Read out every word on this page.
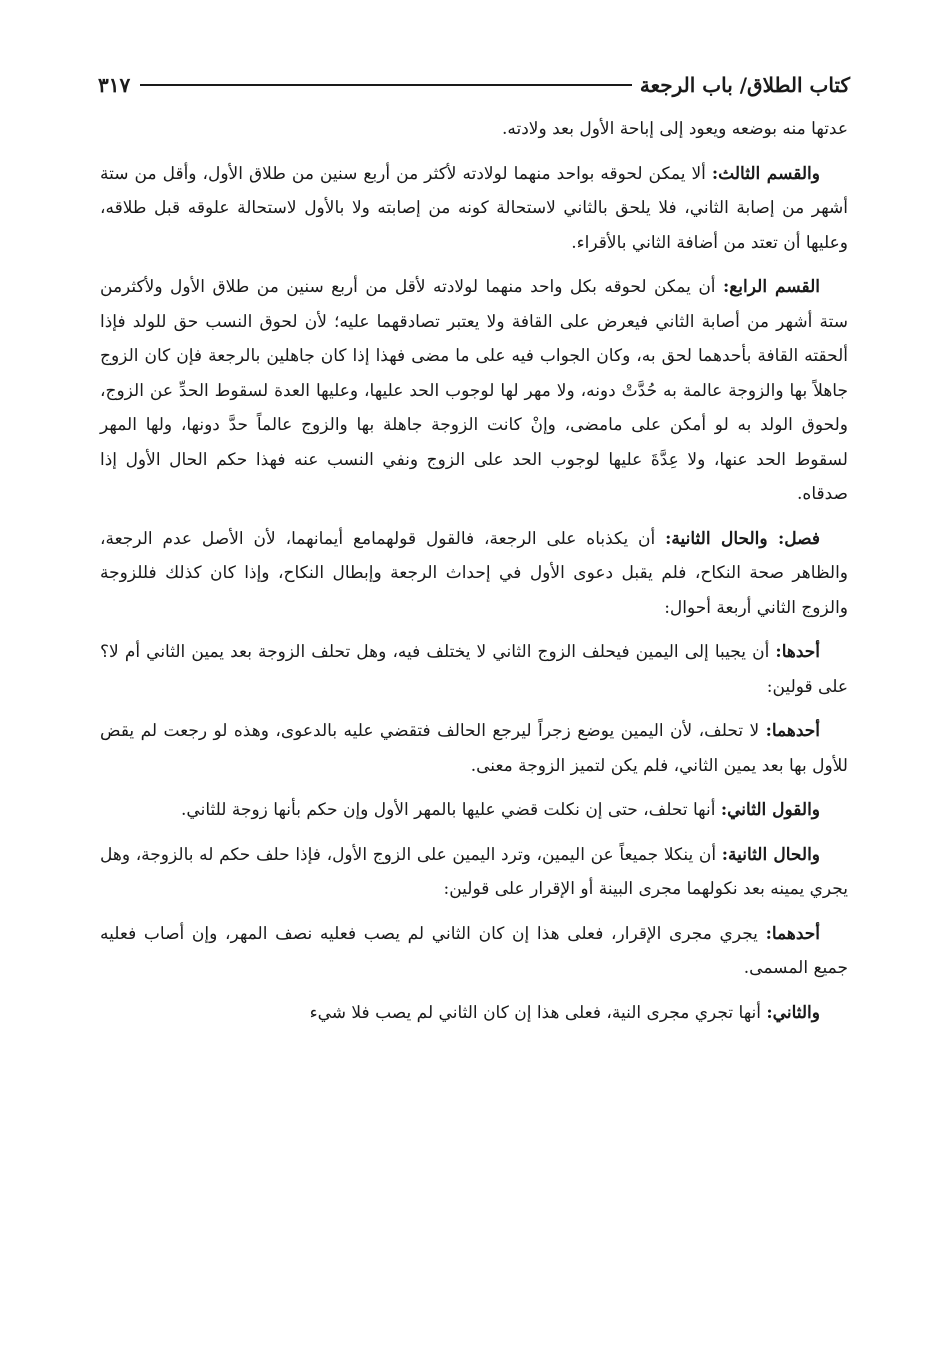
كتاب الطلاق/ باب الرجعة
٣١٧

عدتها منه بوضعه ويعود إلى إباحة الأول بعد ولادته.

والقسم الثالث: ألا يمكن لحوقه بواحد منهما لولادته لأكثر من أربع سنين من طلاق الأول، وأقل من ستة أشهر من إصابة الثاني، فلا يلحق بالثاني لاستحالة كونه من إصابته ولا بالأول لاستحالة علوقه قبل طلاقه، وعليها أن تعتد من أضافة الثاني بالأقراء.

القسم الرابع: أن يمكن لحوقه بكل واحد منهما لولادته لأقل من أربع سنين من طلاق الأول ولأكثرمن ستة أشهر من أصابة الثاني فيعرض على القافة ولا يعتبر تصادقهما عليه؛ لأن لحوق النسب حق للولد فإذا ألحقته القافة بأحدهما لحق به، وكان الجواب فيه على ما مضى فهذا إذا كان جاهلين بالرجعة فإن كان الزوج جاهلاً بها والزوجة عالمة به حُدَّتْ دونه، ولا مهر لها لوجوب الحد عليها، وعليها العدة لسقوط الحدِّ عن الزوج، ولحوق الولد به لو أمكن على مامضى، وإنْ كانت الزوجة جاهلة بها والزوج عالماً حدَّ دونها، ولها المهر لسقوط الحد عنها، ولا عِدَّةَ عليها لوجوب الحد على الزوج ونفي النسب عنه فهذا حكم الحال الأول إذا صدقاه.

فصل: والحال الثانية: أن يكذباه على الرجعة، فالقول قولهمامع أيمانهما، لأن الأصل عدم الرجعة، والظاهر صحة النكاح، فلم يقبل دعوى الأول في إحداث الرجعة وإبطال النكاح، وإذا كان كذلك فللزوجة والزوج الثاني أربعة أحوال:

أحدها: أن يجيبا إلى اليمين فيحلف الزوج الثاني لا يختلف فيه، وهل تحلف الزوجة بعد يمين الثاني أم لا؟ على قولين:

أحدهما: لا تحلف، لأن اليمين يوضع زجراً ليرجع الحالف فتقضي عليه بالدعوى، وهذه لو رجعت لم يقض للأول بها بعد يمين الثاني، فلم يكن لتميز الزوجة معنى.

والقول الثاني: أنها تحلف، حتى إن نكلت قضي عليها بالمهر الأول وإن حكم بأنها زوجة للثاني.

والحال الثانية: أن ينكلا جميعاً عن اليمين، وترد اليمين على الزوج الأول، فإذا حلف حكم له بالزوجة، وهل يجري يمينه بعد نكولهما مجرى البينة أو الإقرار على قولين:

أحدهما: يجري مجرى الإقرار، فعلى هذا إن كان الثاني لم يصب فعليه نصف المهر، وإن أصاب فعليه جميع المسمى.

والثاني: أنها تجري مجرى النية، فعلى هذا إن كان الثاني لم يصب فلا شيء
